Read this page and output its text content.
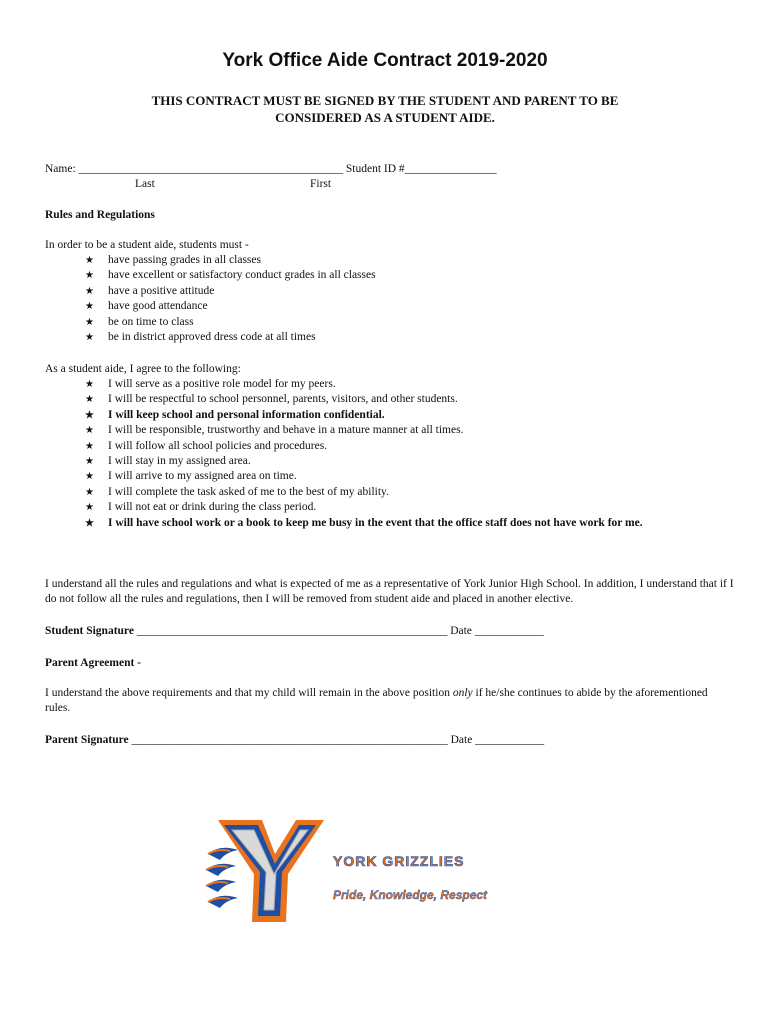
York Office Aide Contract 2019-2020
THIS CONTRACT MUST BE SIGNED BY THE STUDENT AND PARENT TO BE
CONSIDERED AS A STUDENT AIDE.
Name: ______________________________________________ Student ID #________________
Last	First
Rules and Regulations
In order to be a student aide, students must -
★ have passing grades in all classes
★ have excellent or satisfactory conduct grades in all classes
★ have a positive attitude
★ have good attendance
★ be on time to class
★ be in district approved dress code at all times
As a student aide, I agree to the following:
★ I will serve as a positive role model for my peers.
★ I will be respectful to school personnel, parents, visitors, and other students.
★ I will keep school and personal information confidential.
★ I will be responsible, trustworthy and behave in a mature manner at all times.
★ I will follow all school policies and procedures.
★ I will stay in my assigned area.
★ I will arrive to my assigned area on time.
★ I will complete the task asked of me to the best of my ability.
★ I will not eat or drink during the class period.
★ I will have school work or a book to keep me busy in the event that the office staff does not have work for me.
I understand all the rules and regulations and what is expected of me as a representative of York Junior High School. In addition, I understand that if I do not follow all the rules and regulations, then I will be removed from student aide and placed in another elective.
Student Signature ______________________________________________________ Date ____________
Parent Agreement -
I understand the above requirements and that my child will remain in the above position only if he/she continues to abide by the aforementioned rules.
Parent Signature _______________________________________________________ Date ____________
YORK GRIZZLIES
Pride, Knowledge, Respect
